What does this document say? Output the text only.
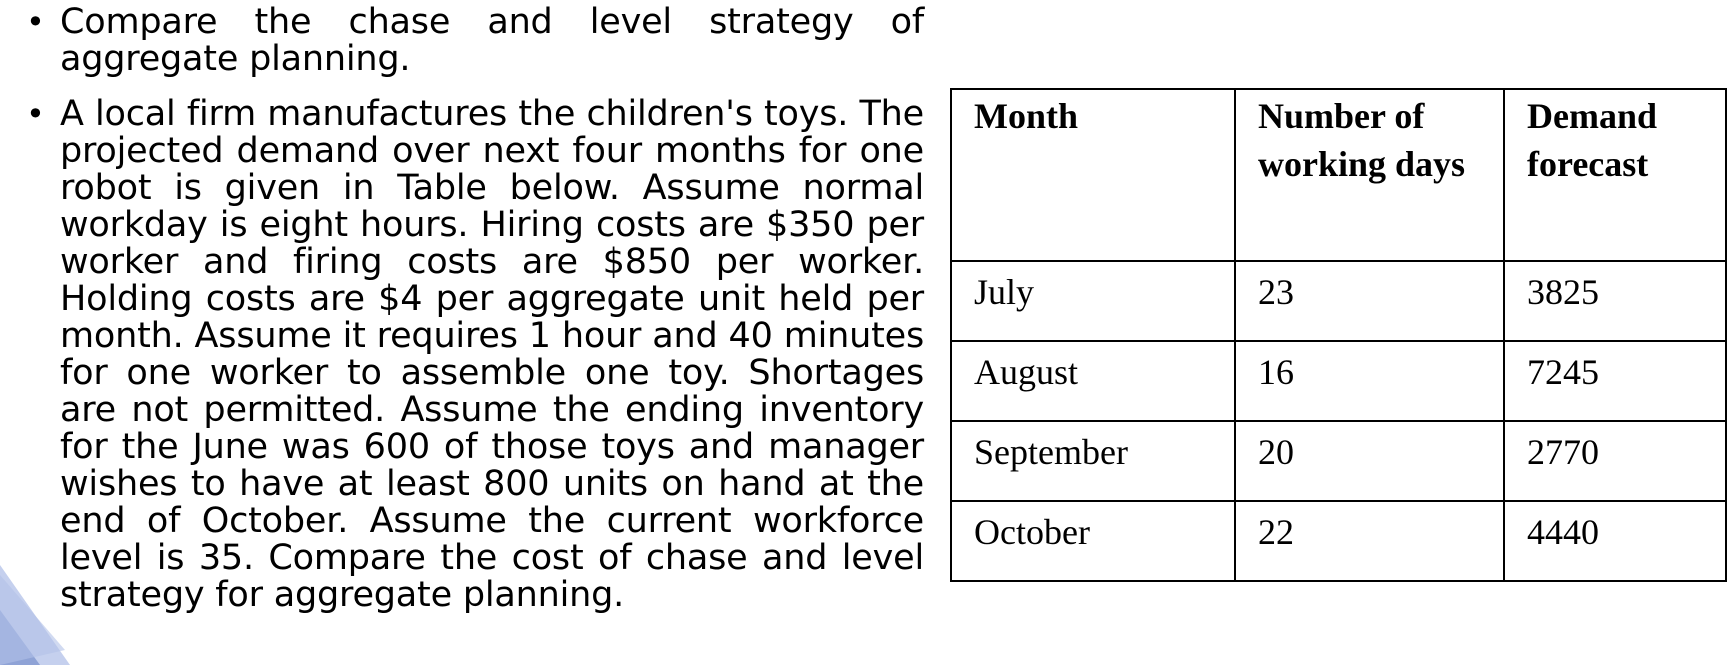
• Compare the chase and level strategy of aggregate planning.
• A local firm manufactures the children's toys. The projected demand over next four months for one robot is given in Table below. Assume normal workday is eight hours. Hiring costs are $350 per worker and firing costs are $850 per worker. Holding costs are $4 per aggregate unit held per month. Assume it requires 1 hour and 40 minutes for one worker to assemble one toy. Shortages are not permitted. Assume the ending inventory for the June was 600 of those toys and manager wishes to have at least 800 units on hand at the end of October. Assume the current workforce level is 35. Compare the cost of chase and level strategy for aggregate planning.
Month	Number of working days	Demand forecast
July	23	3825
August	16	7245
September	20	2770
October	22	4440
